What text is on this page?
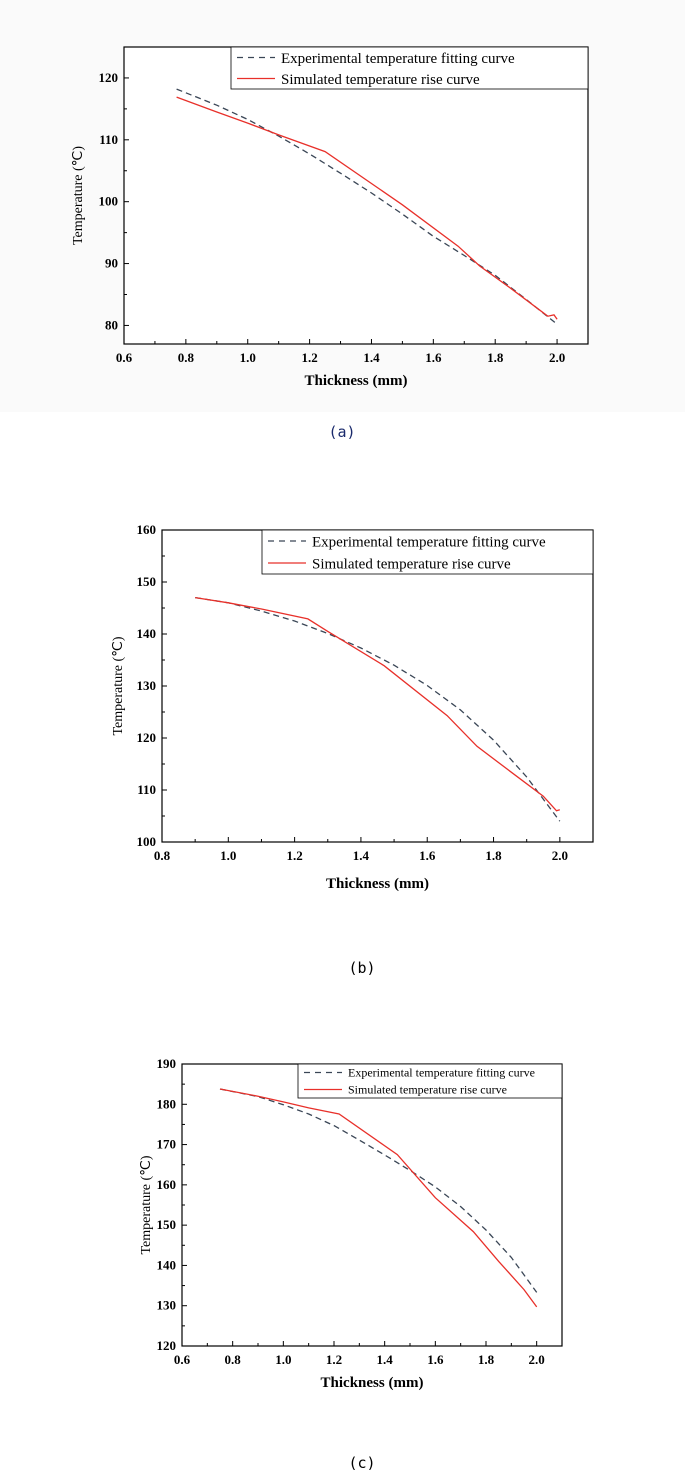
0.6	0.8	1.0	1.2	1.4	1.6	1.8	2.0
80
90
100
110
120
Experimental temperature fitting curve
Simulated temperature rise curve
Thickness (mm)
Temperature (℃)
(a)
0.8	1.0	1.2	1.4	1.6	1.8	2.0
100
110
120
130
140
150
160
Experimental temperature fitting curve
Simulated temperature rise curve
Thickness (mm)
Temperature (℃)
(b)
0.6	0.8	1.0	1.2	1.4	1.6	1.8	2.0
120
130
140
150
160
170
180
190
Experimental temperature fitting curve
Simulated temperature rise curve
Thickness (mm)
Temperature (℃)
(c)
